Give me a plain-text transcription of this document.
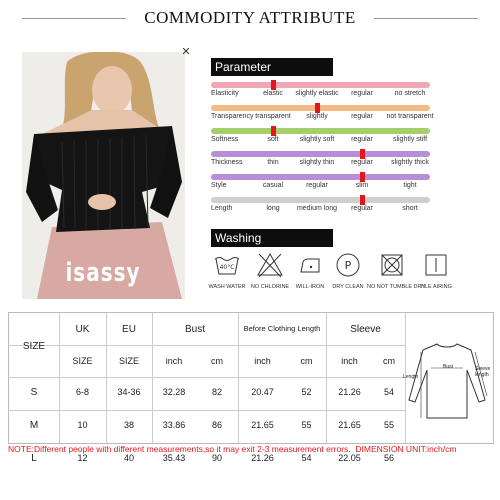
COMMODITY ATTRIBUTE
isassy
✕
Parameter
Elasticity	elastic	slightly elastic	regular	no stretch
Transparency transparent	slightly	regular	not transparent
Softness	soft	slightly soft	regular	slightly stiff
Thickness	thin	slightly thin	regular	slightly thick
Style	casual	regular	slim	tight
Length	long	medium long	regular	short
Washing
40°C
WASH WATER NO CHLORINE	WILL-IRON
P
DRY CLEAN NO NOT TUMBLE DRY
TILE AIRING
SIZE
UK	EU	Bust	Before Clothing Length	Sleeve
SIZE	SIZE	inch	cm	inch	cm	inch	cm
S	6-8	34-36	32.28	82	20.47	52	21.26	54
M	10	38	33.86	86	21.65	55	21.65	55
L	12	40	35.43	90	21.26	54	22.05	56
Length
Bust	Sleeve length
NOTE:Different people with different measurements,so it may exit 2-3 measurement errors. DIMENSION UNIT:inch/cm
